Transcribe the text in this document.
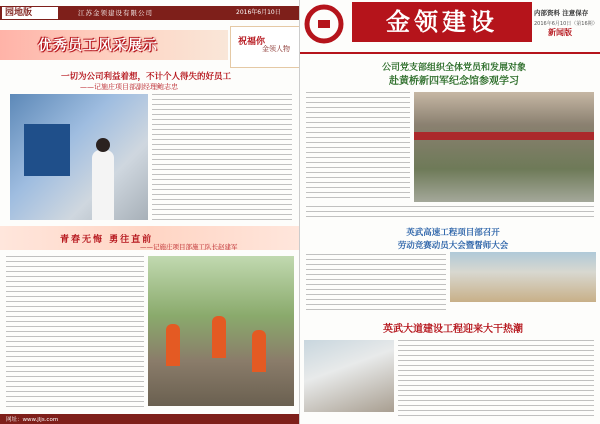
园地版	江苏金领建设有限公司	2016年6月10日
优秀员工风采展示	祝福你
金领人物
一切为公司利益着想，不计个人得失的好员工
——记施庄项目部副经理鲍志忠
青春无悔 勇往直前
——记施庄项目部施工队长赵建军
网址：www.jljs.com
金领建设	内部资料 注意保存
2016年6月10日（第16期）
新闻版
公司党支部组织全体党员和发展对象
赴黄桥新四军纪念馆参观学习
英武高速工程项目部召开
劳动竞赛动员大会暨誓师大会
英武大道建设工程迎来大干热潮
